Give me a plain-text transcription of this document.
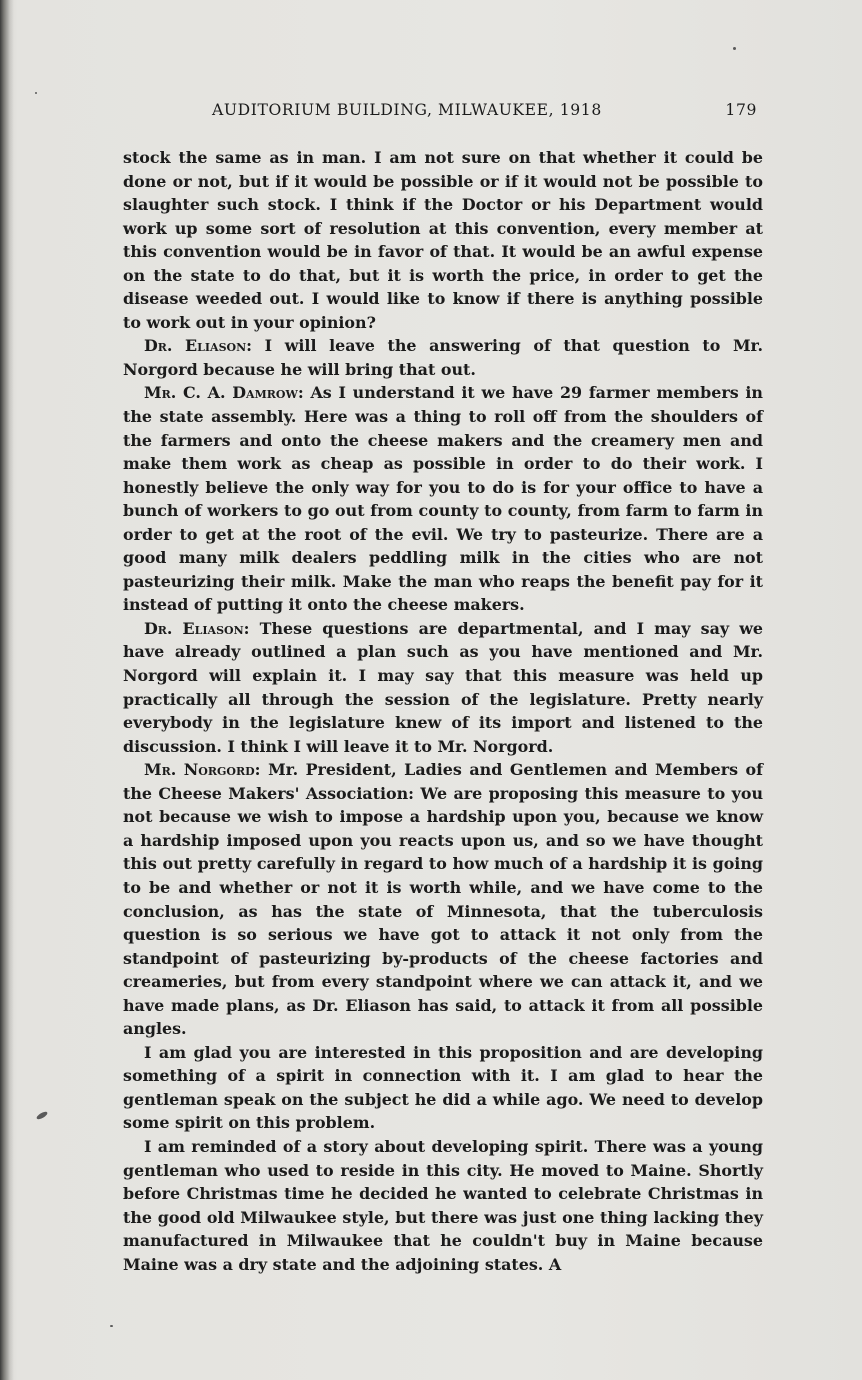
AUDITORIUM BUILDING, MILWAUKEE, 1918	179

stock the same as in man. I am not sure on that whether it could be done or not, but if it would be possible or if it would not be possible to slaughter such stock. I think if the Doctor or his Department would work up some sort of resolution at this convention, every member at this convention would be in favor of that. It would be an awful expense on the state to do that, but it is worth the price, in order to get the disease weeded out. I would like to know if there is anything possible to work out in your opinion?

Dr. Eliason: I will leave the answering of that question to Mr. Norgord because he will bring that out.

Mr. C. A. Damrow: As I understand it we have 29 farmer members in the state assembly. Here was a thing to roll off from the shoulders of the farmers and onto the cheese makers and the creamery men and make them work as cheap as possible in order to do their work. I honestly believe the only way for you to do is for your office to have a bunch of workers to go out from county to county, from farm to farm in order to get at the root of the evil. We try to pasteurize. There are a good many milk dealers peddling milk in the cities who are not pasteurizing their milk. Make the man who reaps the benefit pay for it instead of putting it onto the cheese makers.

Dr. Eliason: These questions are departmental, and I may say we have already outlined a plan such as you have mentioned and Mr. Norgord will explain it. I may say that this measure was held up practically all through the session of the legislature. Pretty nearly everybody in the legislature knew of its import and listened to the discussion. I think I will leave it to Mr. Norgord.

Mr. Norgord: Mr. President, Ladies and Gentlemen and Members of the Cheese Makers' Association: We are proposing this measure to you not because we wish to impose a hardship upon you, because we know a hardship imposed upon you reacts upon us, and so we have thought this out pretty carefully in regard to how much of a hardship it is going to be and whether or not it is worth while, and we have come to the conclusion, as has the state of Minnesota, that the tuberculosis question is so serious we have got to attack it not only from the standpoint of pasteurizing by-products of the cheese factories and creameries, but from every standpoint where we can attack it, and we have made plans, as Dr. Eliason has said, to attack it from all possible angles.

I am glad you are interested in this proposition and are developing something of a spirit in connection with it. I am glad to hear the gentleman speak on the subject he did a while ago. We need to develop some spirit on this problem.

I am reminded of a story about developing spirit. There was a young gentleman who used to reside in this city. He moved to Maine. Shortly before Christmas time he decided he wanted to celebrate Christmas in the good old Milwaukee style, but there was just one thing lacking they manufactured in Milwaukee that he couldn't buy in Maine because Maine was a dry state and the adjoining states. A
